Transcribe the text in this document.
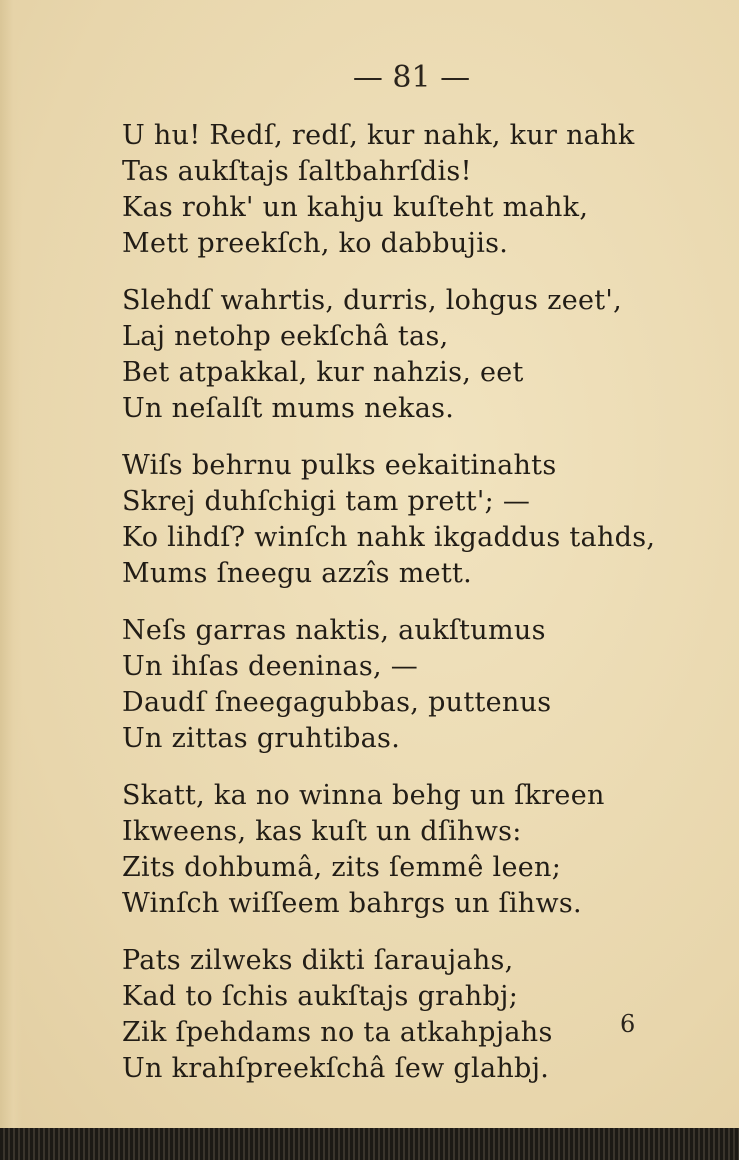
— 81 —
U hu! Redſ, redſ, kur nahk, kur nahk
Tas aukſtajs ſaltbahrſdis!
Kas rohk' un kahju kuſteht mahk,
Mett preekſch, ko dabbujis.
Slehdſ wahrtis, durris, lohgus zeet',
Laj netohp eekſchâ tas,
Bet atpakkal, kur nahzis, eet
Un neſalſt mums nekas.
Wiſs behrnu pulks eekaitinahts
Skrej duhſchigi tam prett'; —
Ko lihdſ? winſch nahk ikgaddus tahds,
Mums ſneegu azzîs mett.
Neſs garras naktis, aukſtumus
Un ihſas deeninas, —
Daudſ ſneegagubbas, puttenus
Un zittas gruhtibas.
Skatt, ka no winna behg un ſkreen
Ikweens, kas kuſt un dſihws:
Zits dohbumâ, zits ſemmê leen;
Winſch wiſſeem bahrgs un ſihws.
Pats zilweks dikti ſaraujahs,
Kad to ſchis aukſtajs grahbj;
Zik ſpehdams no ta atkahpjahs
Un krahſpreekſchâ ſew glahbj.
6
